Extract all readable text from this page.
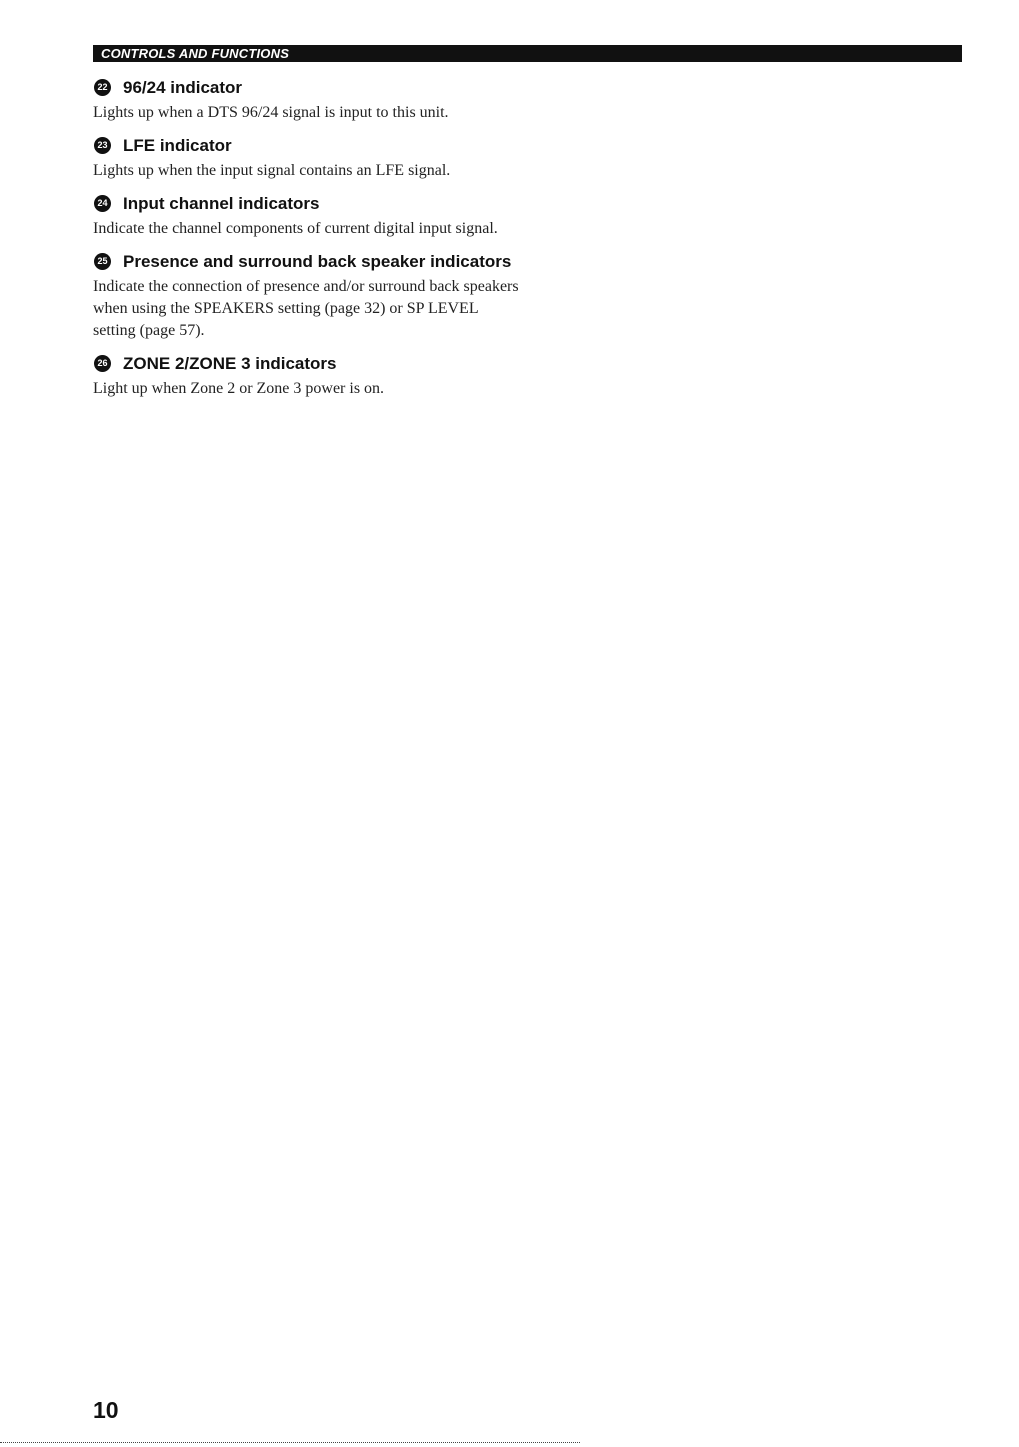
CONTROLS AND FUNCTIONS
22 96/24 indicator

Lights up when a DTS 96/24 signal is input to this unit.

23 LFE indicator

Lights up when the input signal contains an LFE signal.

24 Input channel indicators

Indicate the channel components of current digital input signal.

25 Presence and surround back speaker indicators

Indicate the connection of presence and/or surround back speakers when using the SPEAKERS setting (page 32) or SP LEVEL setting (page 57).

26 ZONE 2/ZONE 3 indicators

Light up when Zone 2 or Zone 3 power is on.

10
